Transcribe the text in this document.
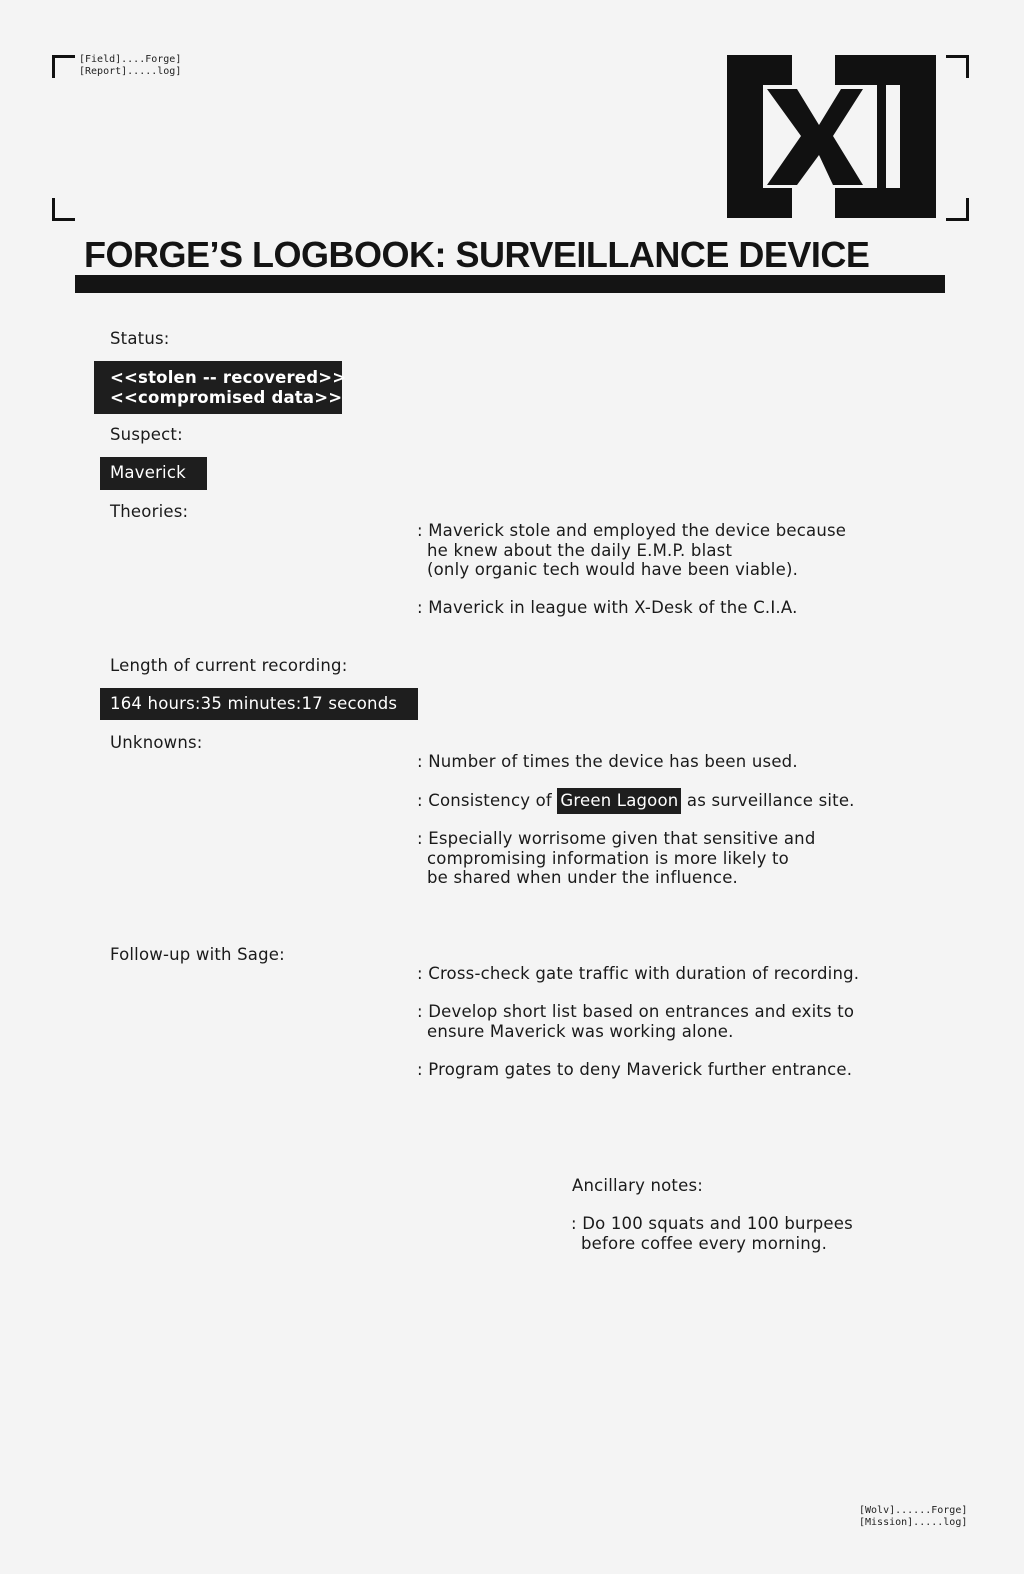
[Field]....Forge]
[Report].....log]
FORGE’S LOGBOOK: SURVEILLANCE DEVICE
Status:
<<stolen -- recovered>>
<<compromised data>>
Suspect:
Maverick
Theories:
: Maverick stole and employed the device because
he knew about the daily E.M.P. blast
(only organic tech would have been viable).
: Maverick in league with X-Desk of the C.I.A.
Length of current recording:
164 hours:35 minutes:17 seconds
Unknowns:
: Number of times the device has been used.
: Consistency of Green Lagoon as surveillance site.
: Especially worrisome given that sensitive and
compromising information is more likely to
be shared when under the influence.
Follow-up with Sage:
: Cross-check gate traffic with duration of recording.
: Develop short list based on entrances and exits to
ensure Maverick was working alone.
: Program gates to deny Maverick further entrance.
Ancillary notes:
: Do 100 squats and 100 burpees
before coffee every morning.
[Wolv]......Forge]
[Mission].....log]
